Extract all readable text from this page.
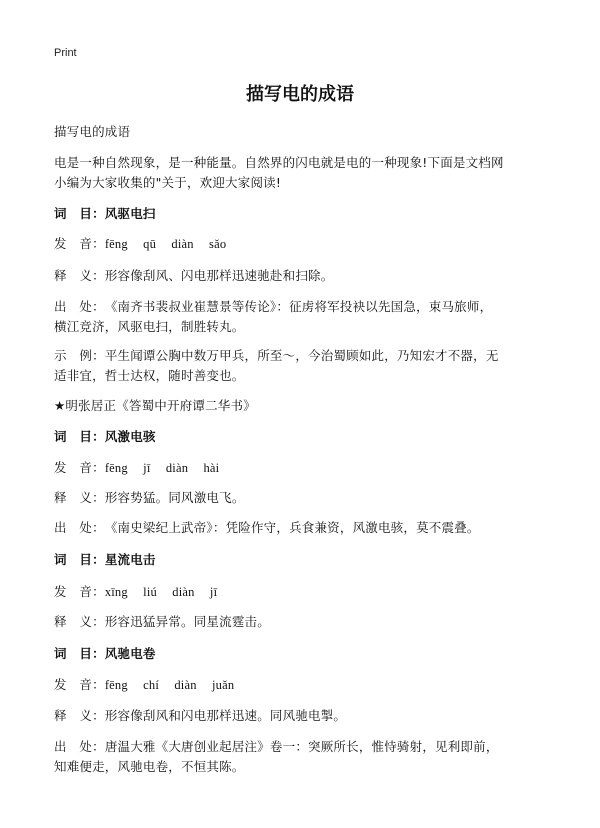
Print
描写电的成语
描写电的成语
电是一种自然现象，是一种能量。自然界的闪电就是电的一种现象!下面是文档网
小编为大家收集的"关于，欢迎大家阅读!
词　目：风驱电扫
发　音：fēng qū diàn sǎo
释　义：形容像刮风、闪电那样迅速驰赴和扫除。
出　处：《南齐书裴叔业崔慧景等传论》：征虏将军投袂以先国急，束马旅师，
横江竞济，风驱电扫，制胜转丸。
示　例：平生闻谭公胸中数万甲兵，所至～，今治蜀顾如此，乃知宏才不器，无
适非宜，哲士达权，随时善变也。
★明张居正《答蜀中开府谭二华书》
词　目：风激电骇
发　音：fēng jī diàn hài
释　义：形容势猛。同风激电飞。
出　处：《南史梁纪上武帝》：凭险作守，兵食兼资，风激电骇，莫不震叠。
词　目：星流电击
发　音：xīng liú diàn jī
释　义：形容迅猛异常。同星流霆击。
词　目：风驰电卷
发　音：fēng chí diàn juǎn
释　义：形容像刮风和闪电那样迅速。同风驰电掣。
出　处：唐温大雅《大唐创业起居注》卷一：突厥所长，惟恃骑射，见利即前，
知难便走，风驰电卷，不恒其陈。
